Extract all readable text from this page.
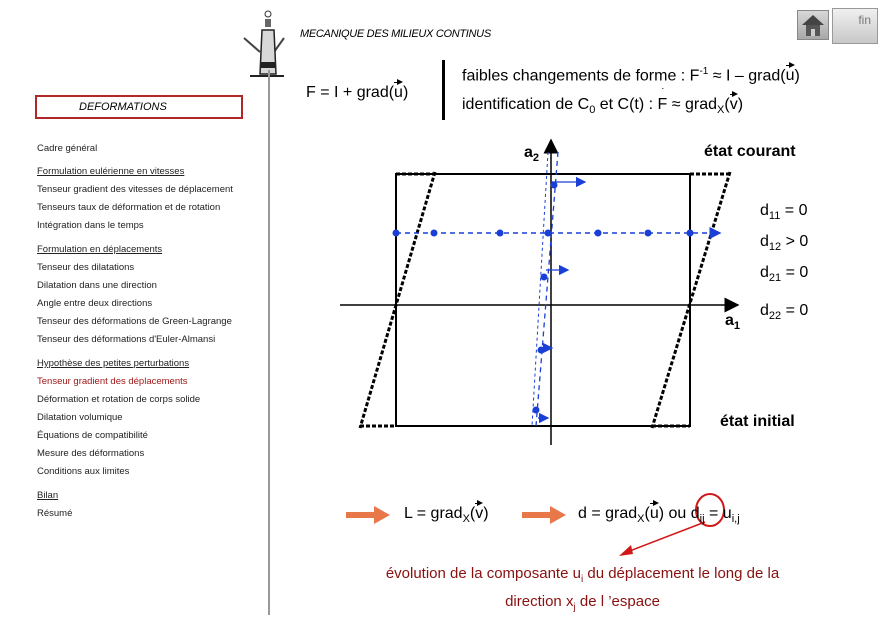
MECANIQUE DES MILIEUX CONTINUS
fin
DEFORMATIONS
Cadre général
Formulation eulérienne en vitesses
Tenseur gradient des vitesses de déplacement
Tenseurs taux de déformation et de rotation
Intégration dans le temps
Formulation en déplacements
Tenseur des dilatations
Dilatation dans une direction
Angle entre deux directions
Tenseur des déformations de Green-Lagrange
Tenseur des déformations d'Euler-Almansi
Hypothèse des petites perturbations
Tenseur gradient des déplacements
Déformation et rotation de corps solide
Dilatation volumique
Équations de compatibilité
Mesure des déformations
Conditions aux limites
Bilan
Résumé
F = I + grad(u)
faibles changements de forme : $F^{-1} \approx I$ – grad(u)
identification de $C_0$ et C(t) : F
˙
≈ grad$_X$(v)
$a_2$	état courant
$a_1$
état initial
$d_{11} = 0$
$d_{12} > 0$
$d_{21} = 0$
$d_{22} = 0$
L = grad$_X$(v)	d = grad$_X$(u) ou $d_{ij} = u_{i,j}$
évolution de la composante $u_i$ du déplacement le long de la
direction $x_j$ de l ’espace
